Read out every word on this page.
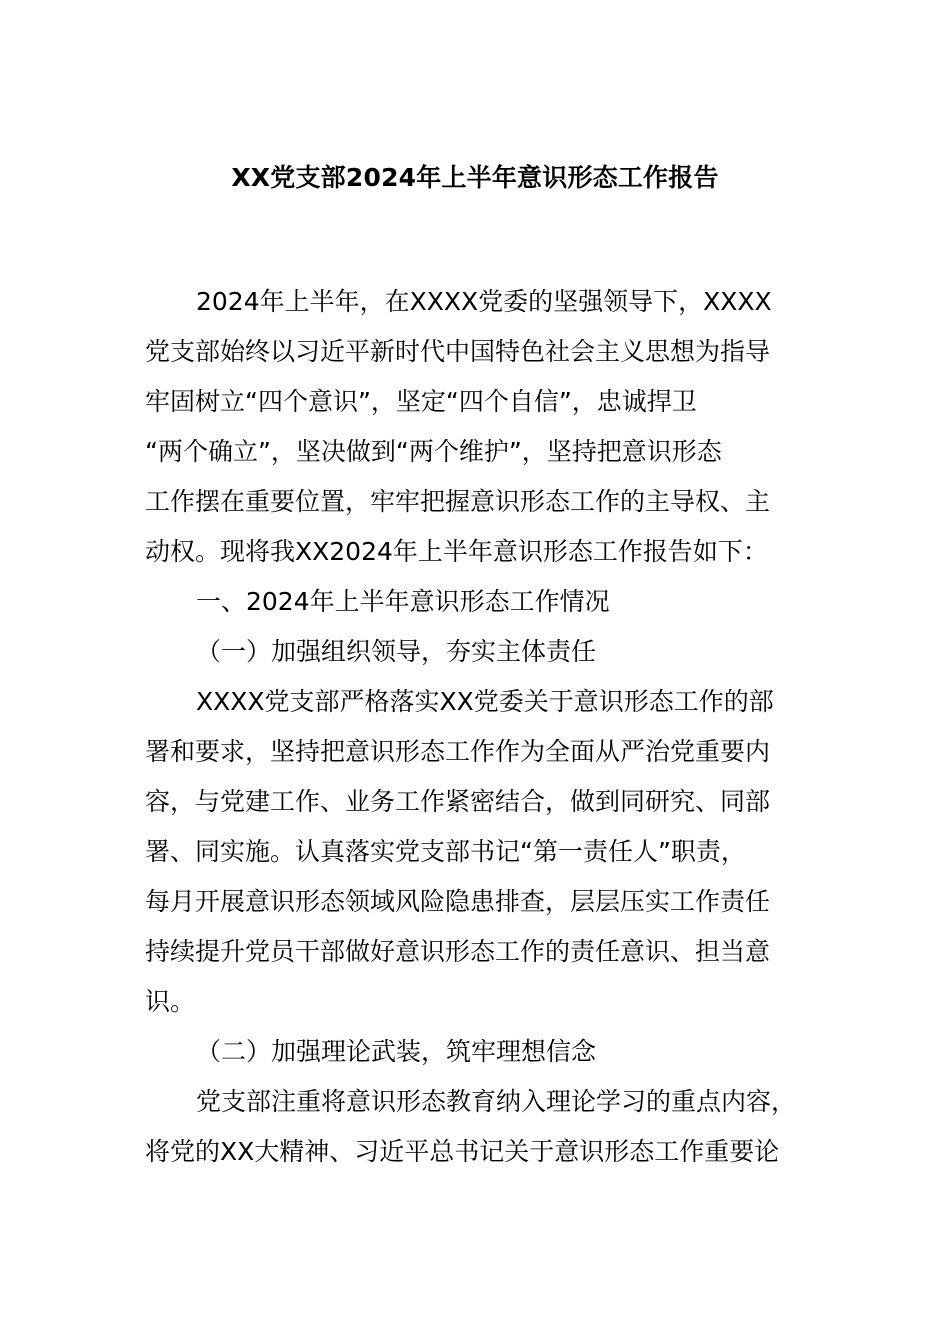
XX党支部2024年上半年意识形态工作报告
2024年上半年，在XXXX党委的坚强领导下，XXXX
党支部始终以习近平新时代中国特色社会主义思想为指导
牢固树立“四个意识”，坚定“四个自信”，忠诚捍卫
“两个确立”，坚决做到“两个维护”，坚持把意识形态
工作摆在重要位置，牢牢把握意识形态工作的主导权、主
动权。现将我XX2024年上半年意识形态工作报告如下：
一、2024年上半年意识形态工作情况
（一）加强组织领导，夯实主体责任
XXXX党支部严格落实XX党委关于意识形态工作的部
署和要求，坚持把意识形态工作作为全面从严治党重要内
容，与党建工作、业务工作紧密结合，做到同研究、同部
署、同实施。认真落实党支部书记“第一责任人”职责，
每月开展意识形态领域风险隐患排查，层层压实工作责任
持续提升党员干部做好意识形态工作的责任意识、担当意
识。
（二）加强理论武装，筑牢理想信念
党支部注重将意识形态教育纳入理论学习的重点内容，
将党的XX大精神、习近平总书记关于意识形态工作重要论
